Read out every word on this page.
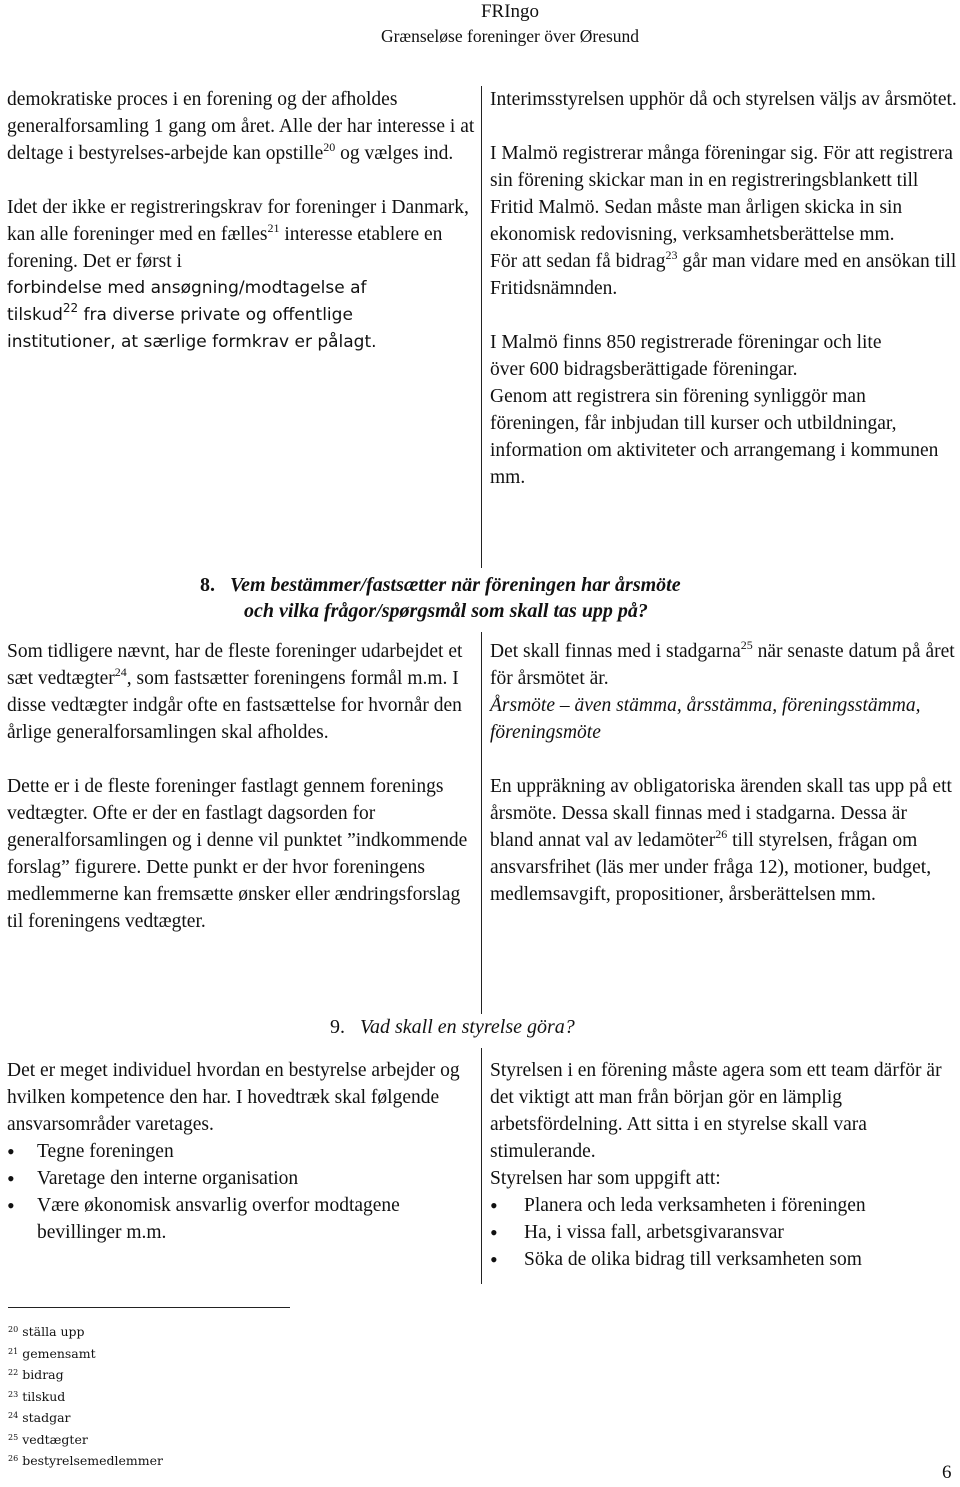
FRIngo
Grænseløse foreninger över Øresund

demokratiske proces i en forening og der afholdes generalforsamling 1 gang om året. Alle der har interesse i at deltage i bestyrelses-arbejde kan opstille$^{20}$ og vælges ind.

Idet der ikke er registreringskrav for foreninger i Danmark, kan alle foreninger med en fælles$^{21}$ interesse etablere en forening. Det er først i

forbindelse med ansøgning/modtagelse af

tilskud$^{22}$ fra diverse private og offentlige

institutioner, at særlige formkrav er pålagt.

Interimsstyrelsen upphör då och styrelsen väljs av årsmötet.

I Malmö registrerar många föreningar sig. För att registrera sin förening skickar man in en registreringsblankett till Fritid Malmö. Sedan måste man årligen skicka in sin ekonomisk redovisning, verksamhetsberättelse mm.

För att sedan få bidrag$^{23}$ går man vidare med en ansökan till Fritidsnämnden.

I Malmö finns 850 registrerade föreningar och lite

över 600 bidragsberättigade föreningar.

Genom att registrera sin förening synliggör man föreningen, får inbjudan till kurser och utbildningar, information om aktiviteter och arrangemang i kommunen mm.

8. Vem bestämmer/fastsætter när föreningen har årsmöte
och vilka frågor/spørgsmål som skall tas upp på?

Som tidligere nævnt, har de fleste foreninger udarbejdet et sæt vedtægter$^{24}$, som fastsætter foreningens formål m.m. I disse vedtægter indgår ofte en fastsættelse for hvornår den årlige generalforsamlingen skal afholdes.

Dette er i de fleste foreninger fastlagt gennem forenings vedtægter. Ofte er der en fastlagt dagsorden for generalforsamlingen og i denne vil punktet ”indkommende forslag” figurere. Dette punkt er der hvor foreningens medlemmerne kan fremsætte ønsker eller ændringsforslag til foreningens vedtægter.

Det skall finnas med i stadgarna$^{25}$ när senaste datum på året för årsmötet är.

Årsmöte – även stämma, årsstämma, föreningsstämma, föreningsmöte

En uppräkning av obligatoriska ärenden skall tas upp på ett årsmöte. Dessa skall finnas med i stadgarna. Dessa är bland annat val av ledamöter$^{26}$ till styrelsen, frågan om ansvarsfrihet (läs mer under fråga 12), motioner, budget, medlemsavgift, propositioner, årsberättelsen mm.

9. Vad skall en styrelse göra?

Det er meget individuel hvordan en bestyrelse arbejder og hvilken kompetence den har. I hovedtræk skal følgende ansvarsområder varetages.

• Tegne foreningen
• Varetage den interne organisation
• Være økonomisk ansvarlig overfor modtagene bevillinger m.m.

Styrelsen i en förening måste agera som ett team därför är det viktigt att man från början gör en lämplig arbetsfördelning. Att sitta i en styrelse skall vara stimulerande.

Styrelsen har som uppgift att:

• Planera och leda verksamheten i föreningen
• Ha, i vissa fall, arbetsgivaransvar
• Söka de olika bidrag till verksamheten som
$^{20}$ ställa upp
$^{21}$ gemensamt
$^{22}$ bidrag
$^{23}$ tilskud
$^{24}$ stadgar
$^{25}$ vedtægter
$^{26}$ bestyrelsemedlemmer
6
